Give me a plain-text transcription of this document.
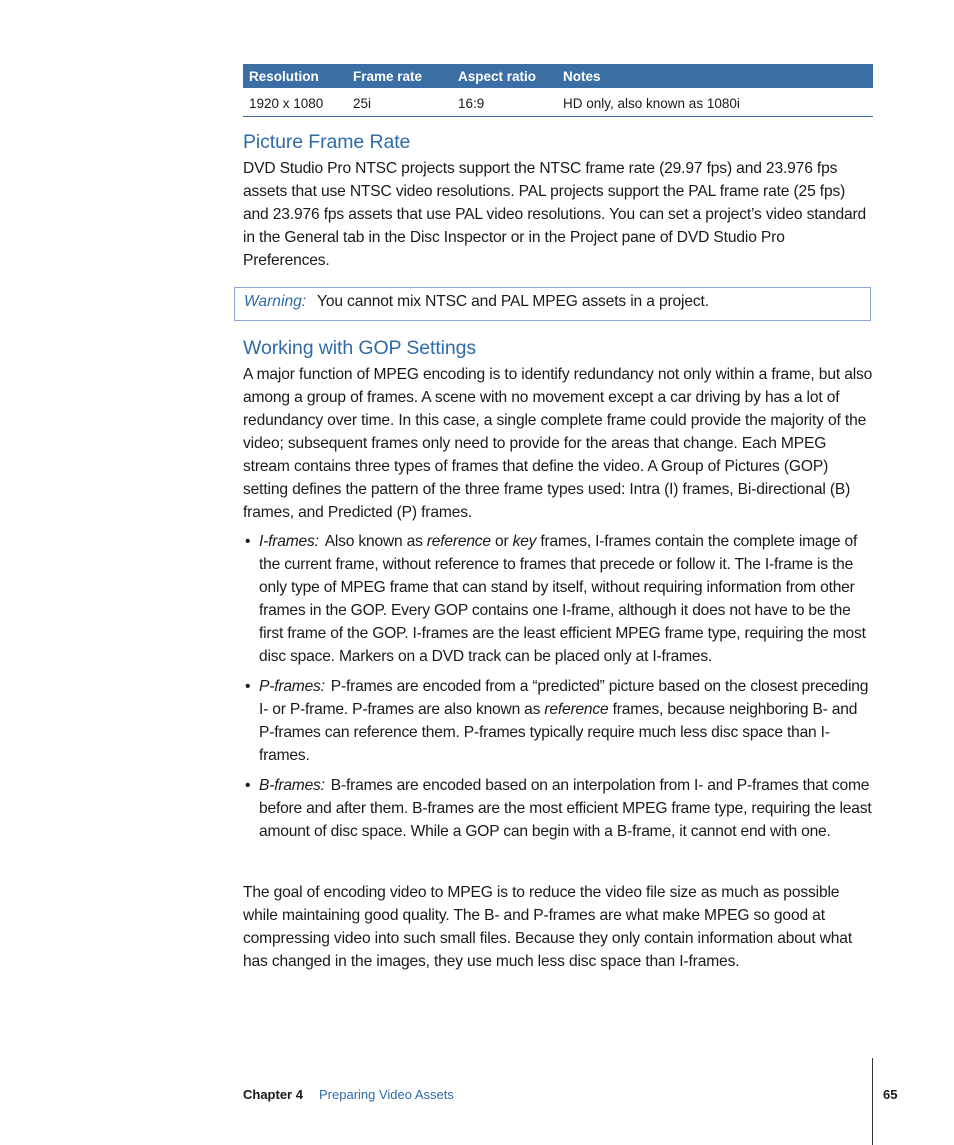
Resolution	Frame rate	Aspect ratio	Notes
1920 x 1080	25i	16:9	HD only, also known as 1080i
Picture Frame Rate

DVD Studio Pro NTSC projects support the NTSC frame rate (29.97 fps) and 23.976 fps assets that use NTSC video resolutions. PAL projects support the PAL frame rate (25 fps) and 23.976 fps assets that use PAL video resolutions. You can set a project’s video standard in the General tab in the Disc Inspector or in the Project pane of DVD Studio Pro Preferences.

Warning: You cannot mix NTSC and PAL MPEG assets in a project.
Working with GOP Settings

A major function of MPEG encoding is to identify redundancy not only within a frame, but also among a group of frames. A scene with no movement except a car driving by has a lot of redundancy over time. In this case, a single complete frame could provide the majority of the video; subsequent frames only need to provide for the areas that change. Each MPEG stream contains three types of frames that define the video. A Group of Pictures (GOP) setting defines the pattern of the three frame types used: Intra (I) frames, Bi-directional (B) frames, and Predicted (P) frames.

• I-frames: Also known as reference or key frames, I-frames contain the complete image of the current frame, without reference to frames that precede or follow it. The I-frame is the only type of MPEG frame that can stand by itself, without requiring information from other frames in the GOP. Every GOP contains one I-frame, although it does not have to be the first frame of the GOP. I-frames are the least efficient MPEG frame type, requiring the most disc space. Markers on a DVD track can be placed only at I-frames.
• P-frames: P-frames are encoded from a “predicted” picture based on the closest preceding I- or P-frame. P-frames are also known as reference frames, because neighboring B- and P-frames can reference them. P-frames typically require much less disc space than I-frames.
• B-frames: B-frames are encoded based on an interpolation from I- and P-frames that come before and after them. B-frames are the most efficient MPEG frame type, requiring the least amount of disc space. While a GOP can begin with a B-frame, it cannot end with one.

The goal of encoding video to MPEG is to reduce the video file size as much as possible while maintaining good quality. The B- and P-frames are what make MPEG so good at compressing video into such small files. Because they only contain information about what has changed in the images, they use much less disc space than I-frames.

Chapter 4 Preparing Video Assets	65
